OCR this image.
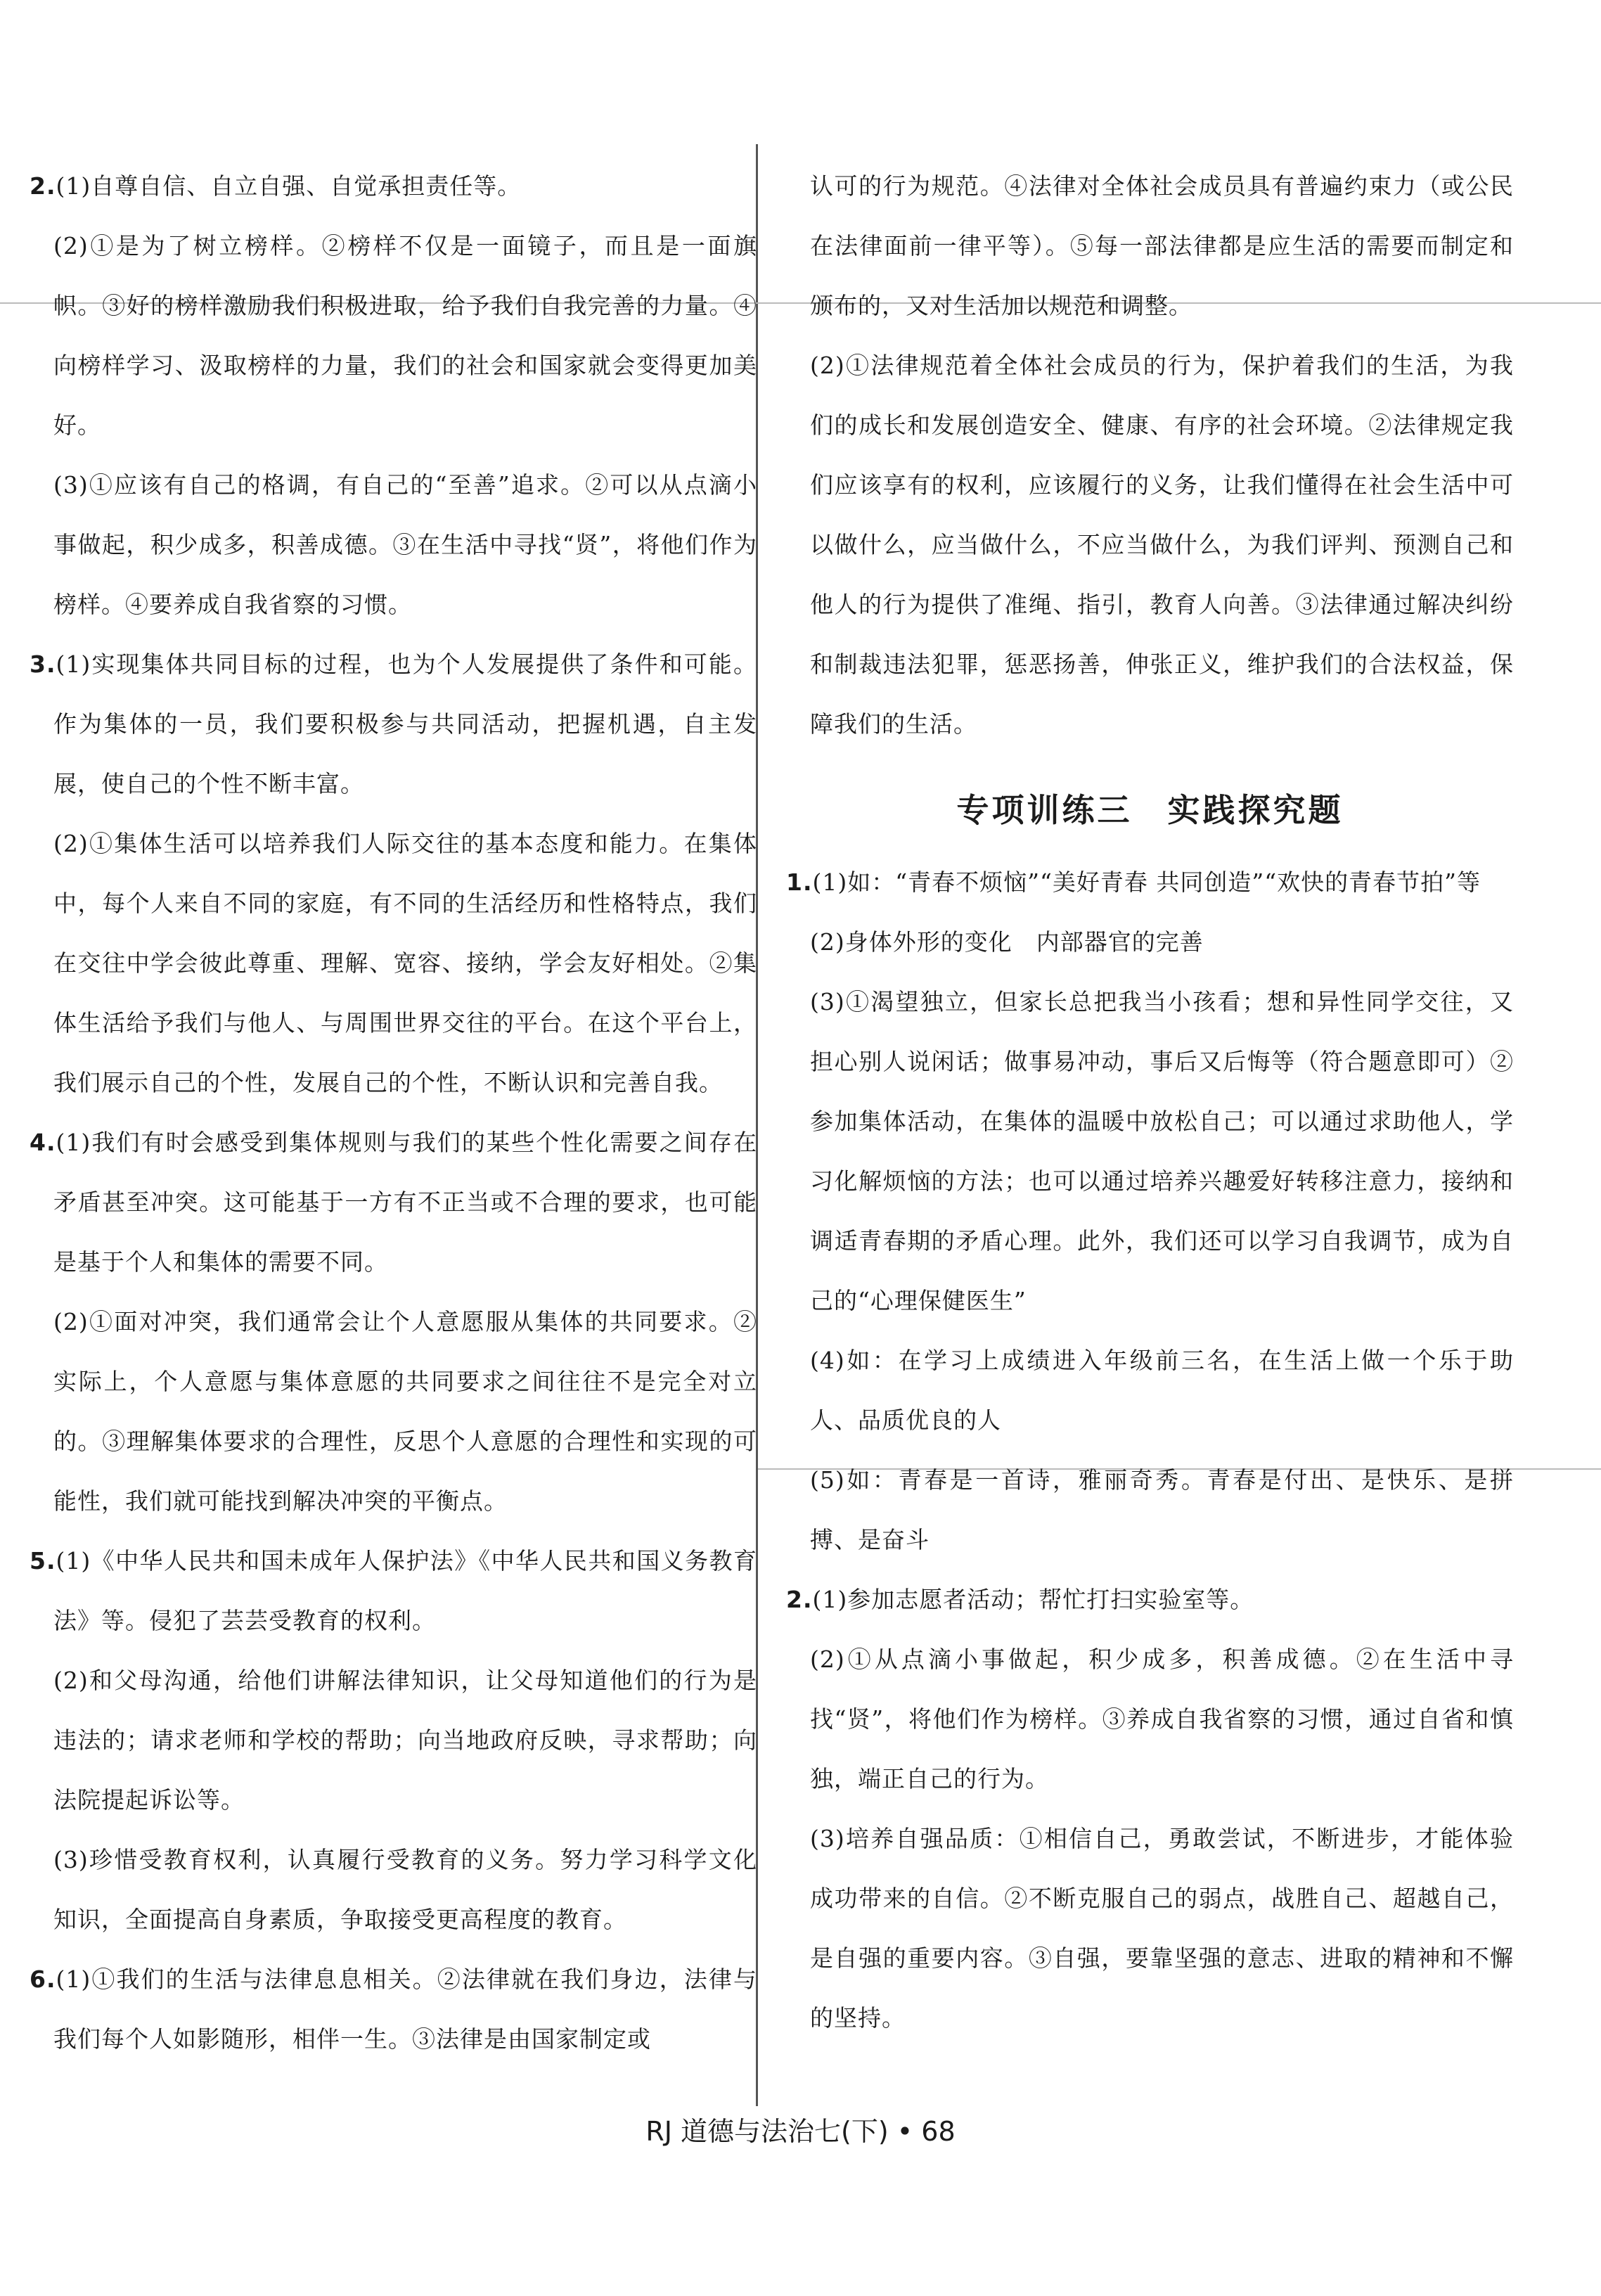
2.(1)自尊自信、自立自强、自觉承担责任等。

(2)①是为了树立榜样。②榜样不仅是一面镜子，而且是一面旗帜。③好的榜样激励我们积极进取，给予我们自我完善的力量。④向榜样学习、汲取榜样的力量，我们的社会和国家就会变得更加美好。

(3)①应该有自己的格调，有自己的“至善”追求。②可以从点滴小事做起，积少成多，积善成德。③在生活中寻找“贤”，将他们作为榜样。④要养成自我省察的习惯。

3.(1)实现集体共同目标的过程，也为个人发展提供了条件和可能。作为集体的一员，我们要积极参与共同活动，把握机遇，自主发展，使自己的个性不断丰富。

(2)①集体生活可以培养我们人际交往的基本态度和能力。在集体中，每个人来自不同的家庭，有不同的生活经历和性格特点，我们在交往中学会彼此尊重、理解、宽容、接纳，学会友好相处。②集体生活给予我们与他人、与周围世界交往的平台。在这个平台上，我们展示自己的个性，发展自己的个性，不断认识和完善自我。

4.(1)我们有时会感受到集体规则与我们的某些个性化需要之间存在矛盾甚至冲突。这可能基于一方有不正当或不合理的要求，也可能是基于个人和集体的需要不同。

(2)①面对冲突，我们通常会让个人意愿服从集体的共同要求。②实际上，个人意愿与集体意愿的共同要求之间往往不是完全对立的。③理解集体要求的合理性，反思个人意愿的合理性和实现的可能性，我们就可能找到解决冲突的平衡点。

5.(1)《中华人民共和国未成年人保护法》《中华人民共和国义务教育法》等。侵犯了芸芸受教育的权利。

(2)和父母沟通，给他们讲解法律知识，让父母知道他们的行为是违法的；请求老师和学校的帮助；向当地政府反映，寻求帮助；向法院提起诉讼等。

(3)珍惜受教育权利，认真履行受教育的义务。努力学习科学文化知识，全面提高自身素质，争取接受更高程度的教育。

6.(1)①我们的生活与法律息息相关。②法律就在我们身边，法律与我们每个人如影随形，相伴一生。③法律是由国家制定或

认可的行为规范。④法律对全体社会成员具有普遍约束力（或公民在法律面前一律平等）。⑤每一部法律都是应生活的需要而制定和颁布的，又对生活加以规范和调整。

(2)①法律规范着全体社会成员的行为，保护着我们的生活，为我们的成长和发展创造安全、健康、有序的社会环境。②法律规定我们应该享有的权利，应该履行的义务，让我们懂得在社会生活中可以做什么，应当做什么，不应当做什么，为我们评判、预测自己和他人的行为提供了准绳、指引，教育人向善。③法律通过解决纠纷和制裁违法犯罪，惩恶扬善，伸张正义，维护我们的合法权益，保障我们的生活。

专项训练三　实践探究题

1.(1)如：“青春不烦恼”“美好青春 共同创造”“欢快的青春节拍”等

(2)身体外形的变化　内部器官的完善

(3)①渴望独立，但家长总把我当小孩看；想和异性同学交往，又担心别人说闲话；做事易冲动，事后又后悔等（符合题意即可）②参加集体活动，在集体的温暖中放松自己；可以通过求助他人，学习化解烦恼的方法；也可以通过培养兴趣爱好转移注意力，接纳和调适青春期的矛盾心理。此外，我们还可以学习自我调节，成为自己的“心理保健医生”

(4)如：在学习上成绩进入年级前三名，在生活上做一个乐于助人、品质优良的人

(5)如：青春是一首诗，雅丽奇秀。青春是付出、是快乐、是拼搏、是奋斗

2.(1)参加志愿者活动；帮忙打扫实验室等。

(2)①从点滴小事做起，积少成多，积善成德。②在生活中寻找“贤”，将他们作为榜样。③养成自我省察的习惯，通过自省和慎独，端正自己的行为。

(3)培养自强品质：①相信自己，勇敢尝试，不断进步，才能体验成功带来的自信。②不断克服自己的弱点，战胜自己、超越自己，是自强的重要内容。③自强，要靠坚强的意志、进取的精神和不懈的坚持。

RJ 道德与法治七(下) • 68
